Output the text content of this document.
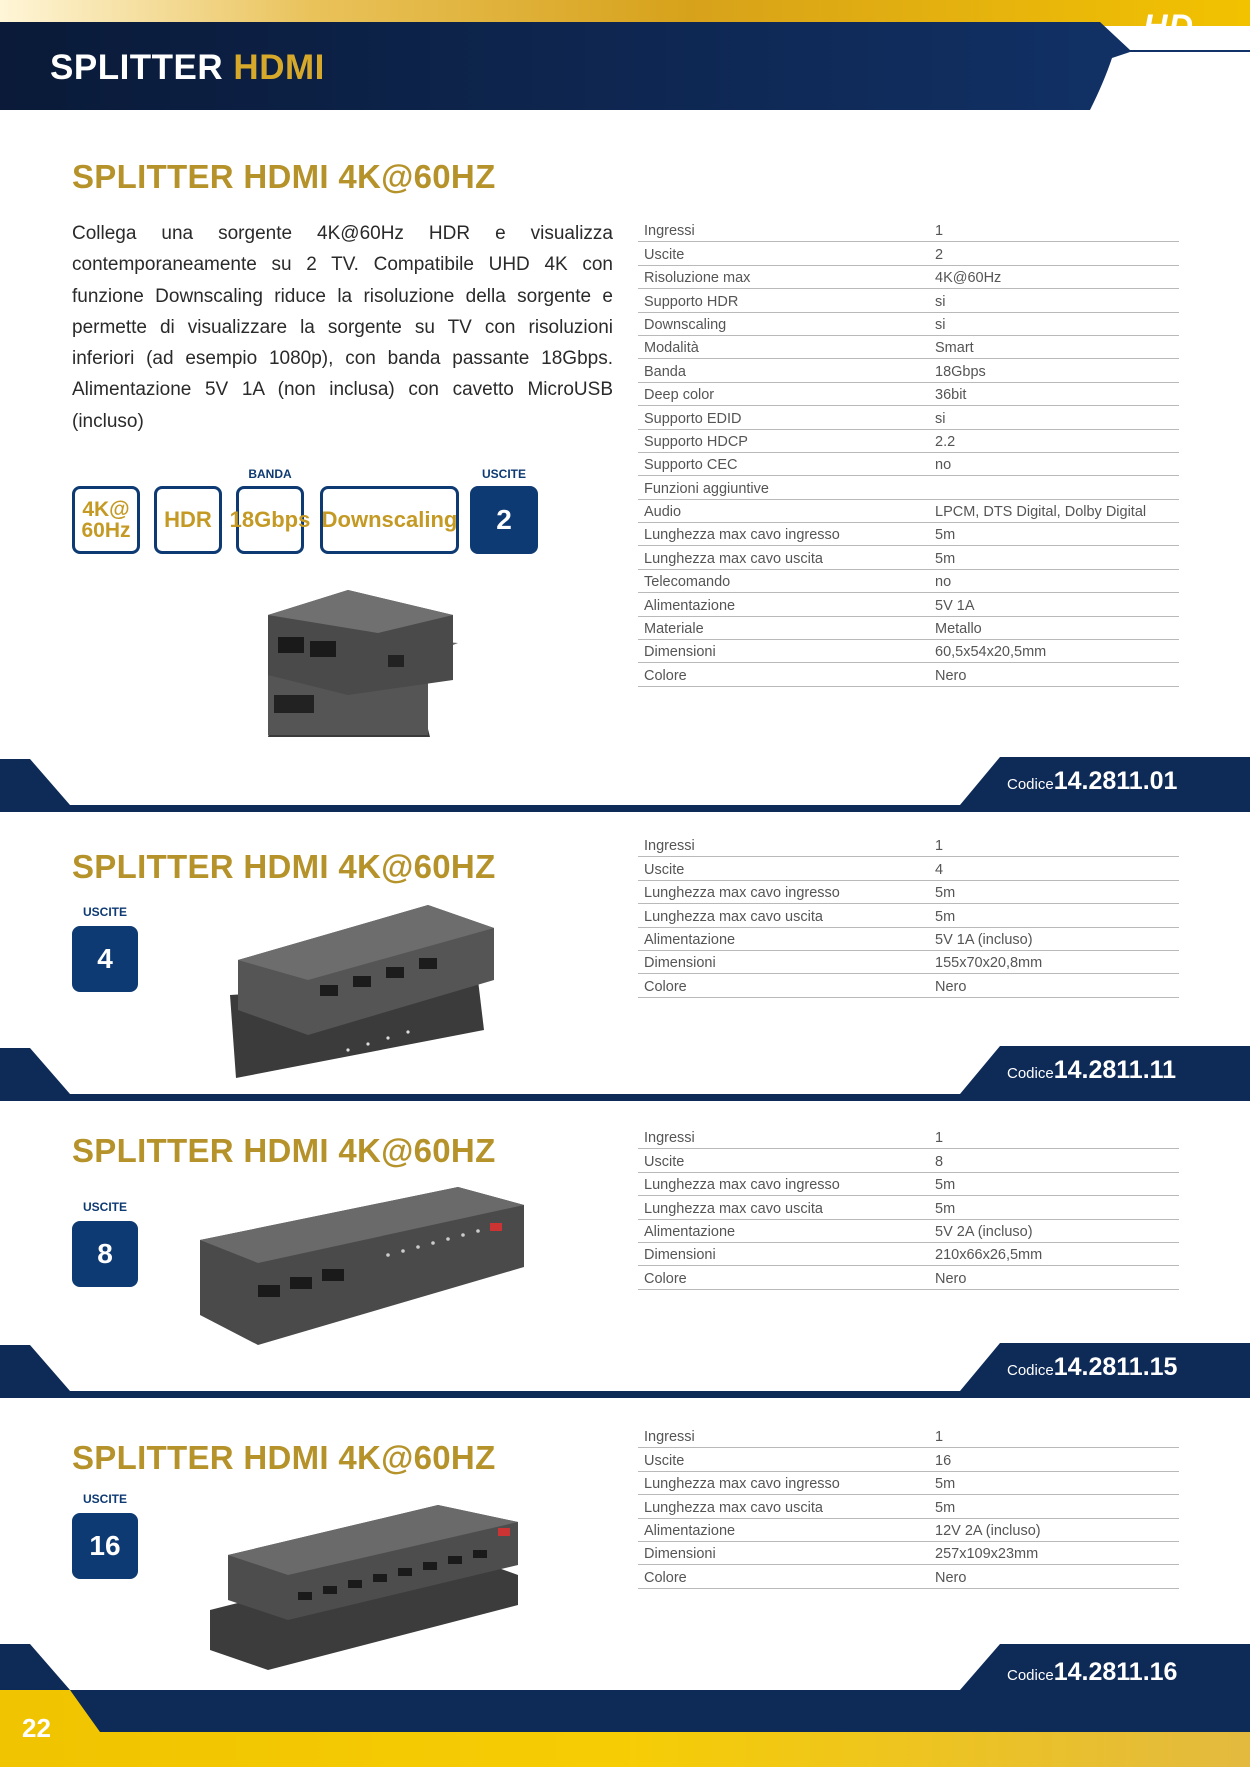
SPLITTER HDMI
HD
SPLITTER HDMI 4K@60HZ
Collega una sorgente 4K@60Hz HDR e visualizza contemporaneamente su 2 TV. Compatibile UHD 4K con funzione Downscaling riduce la risoluzione della sorgente e permette di visualizzare la sorgente su TV con risoluzioni inferiori (ad esempio 1080p), con banda passante 18Gbps. Alimentazione 5V 1A (non inclusa) con cavetto MicroUSB (incluso)
4K@
60Hz	HDR
BANDA
18 Gbps Downscaling
USCITE
2
Ingressi	1
Uscite	2
Risoluzione max	4K@60Hz
Supporto HDR	si
Downscaling	si
Modalità	Smart
Banda	18Gbps
Deep color	36bit
Supporto EDID	si
Supporto HDCP	2.2
Supporto CEC	no
Funzioni aggiuntive
Audio	LPCM, DTS Digital, Dolby Digital
Lunghezza max cavo ingresso	5m
Lunghezza max cavo uscita	5m
Telecomando	no
Alimentazione	5V 1A
Materiale	Metallo
Dimensioni	60,5x54x20,5mm
Colore	Nero
Codice14.2811.01
SPLITTER HDMI 4K@60HZ
USCITE
4
Ingressi	1
Uscite	4
Lunghezza max cavo ingresso	5m
Lunghezza max cavo uscita	5m
Alimentazione	5V 1A (incluso)
Dimensioni	155x70x20,8mm
Colore	Nero
Codice14.2811.11
SPLITTER HDMI 4K@60HZ
USCITE
8
Ingressi	1
Uscite	8
Lunghezza max cavo ingresso	5m
Lunghezza max cavo uscita	5m
Alimentazione	5V 2A (incluso)
Dimensioni	210x66x26,5mm
Colore	Nero
Codice14.2811.15
SPLITTER HDMI 4K@60HZ
USCITE
16
Ingressi	1
Uscite	16
Lunghezza max cavo ingresso	5m
Lunghezza max cavo uscita	5m
Alimentazione	12V 2A (incluso)
Dimensioni	257x109x23mm
Colore	Nero
Codice14.2811.16
22
